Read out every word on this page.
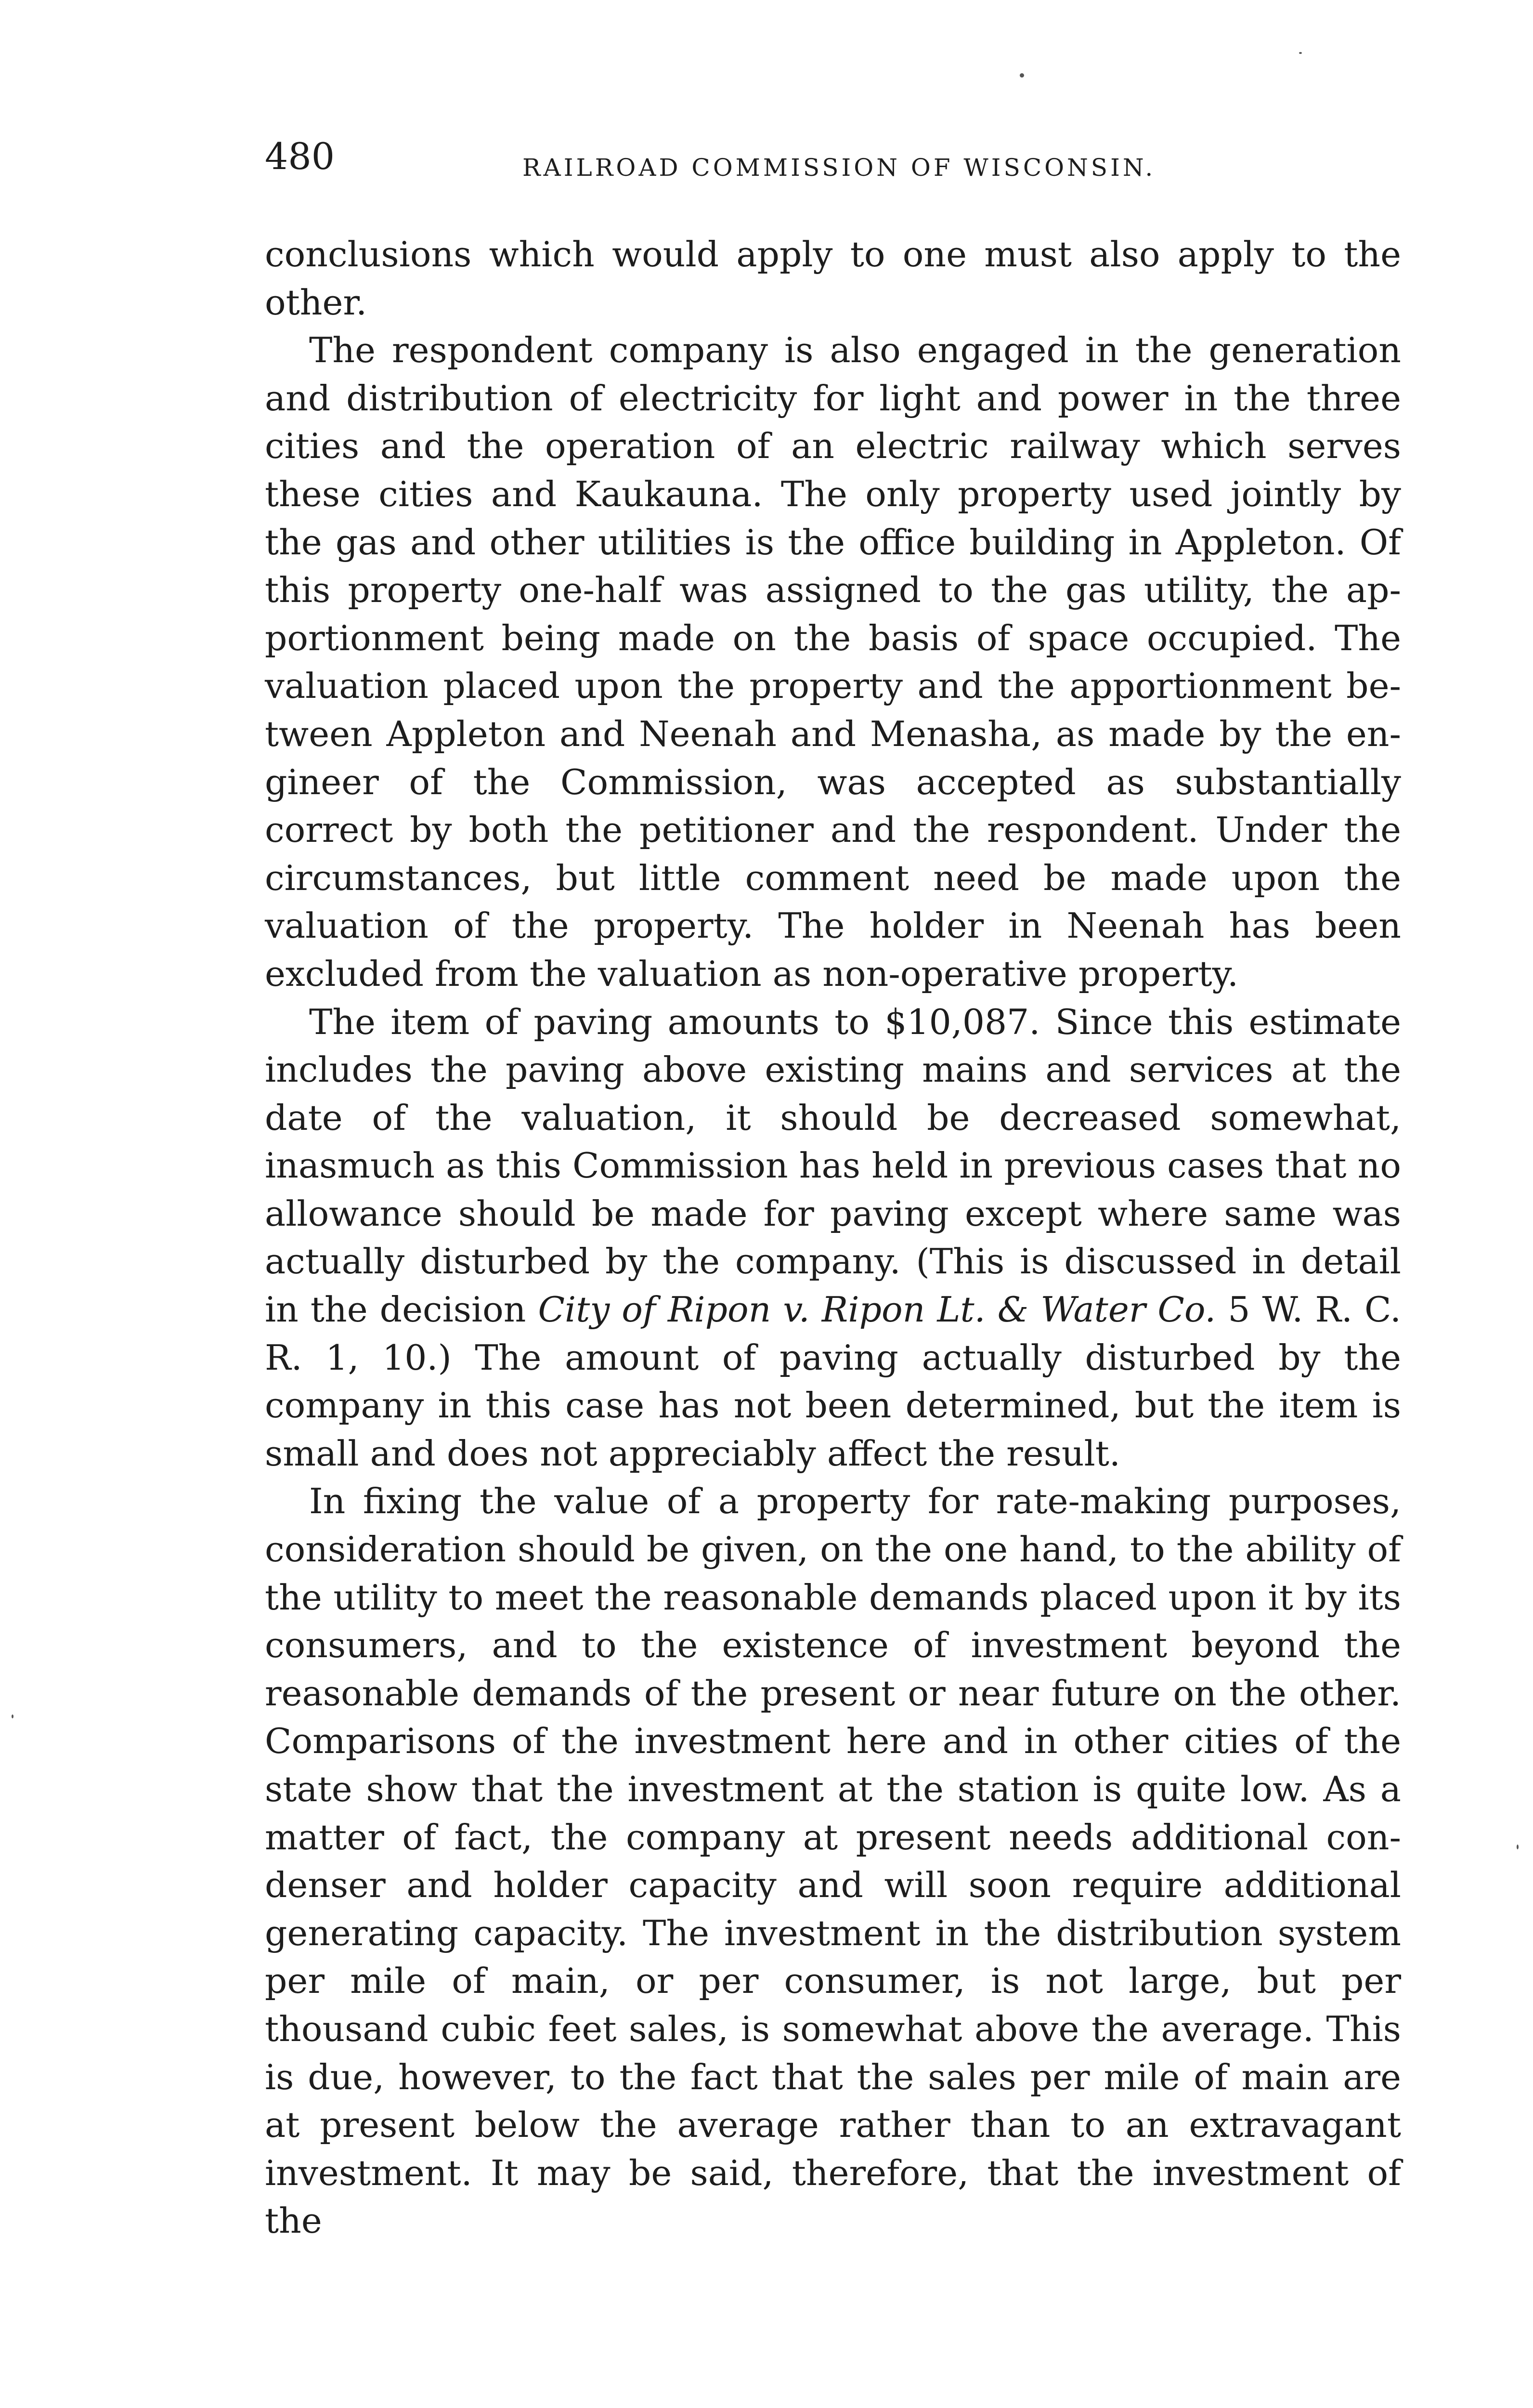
480	RAILROAD COMMISSION OF WISCONSIN.

conclusions which would apply to one must also apply to the other.

The respondent company is also engaged in the generation and distribution of electricity for light and power in the three cities and the operation of an electric railway which serves these cities and Kaukauna. The only property used jointly by the gas and other utilities is the office building in Appleton. Of this property one-half was assigned to the gas utility, the apportionment being made on the basis of space occupied. The valuation placed upon the property and the apportionment between Appleton and Neenah and Menasha, as made by the engineer of the Commission, was accepted as substantially correct by both the petitioner and the respondent. Under the circumstances, but little comment need be made upon the valuation of the property. The holder in Neenah has been excluded from the valuation as non-operative property.

The item of paving amounts to $10,087. Since this estimate includes the paving above existing mains and services at the date of the valuation, it should be decreased somewhat, inasmuch as this Commission has held in previous cases that no allowance should be made for paving except where same was actually disturbed by the company. (This is discussed in detail in the decision City of Ripon v. Ripon Lt. & Water Co. 5 W. R. C. R. 1, 10.) The amount of paving actually disturbed by the company in this case has not been determined, but the item is small and does not appreciably affect the result.

In fixing the value of a property for rate-making purposes, consideration should be given, on the one hand, to the ability of the utility to meet the reasonable demands placed upon it by its consumers, and to the existence of investment beyond the reasonable demands of the present or near future on the other. Comparisons of the investment here and in other cities of the state show that the investment at the station is quite low. As a matter of fact, the company at present needs additional condenser and holder capacity and will soon require additional generating capacity. The investment in the distribution system per mile of main, or per consumer, is not large, but per thousand cubic feet sales, is somewhat above the average. This is due, however, to the fact that the sales per mile of main are at present below the average rather than to an extravagant investment. It may be said, therefore, that the investment of the
